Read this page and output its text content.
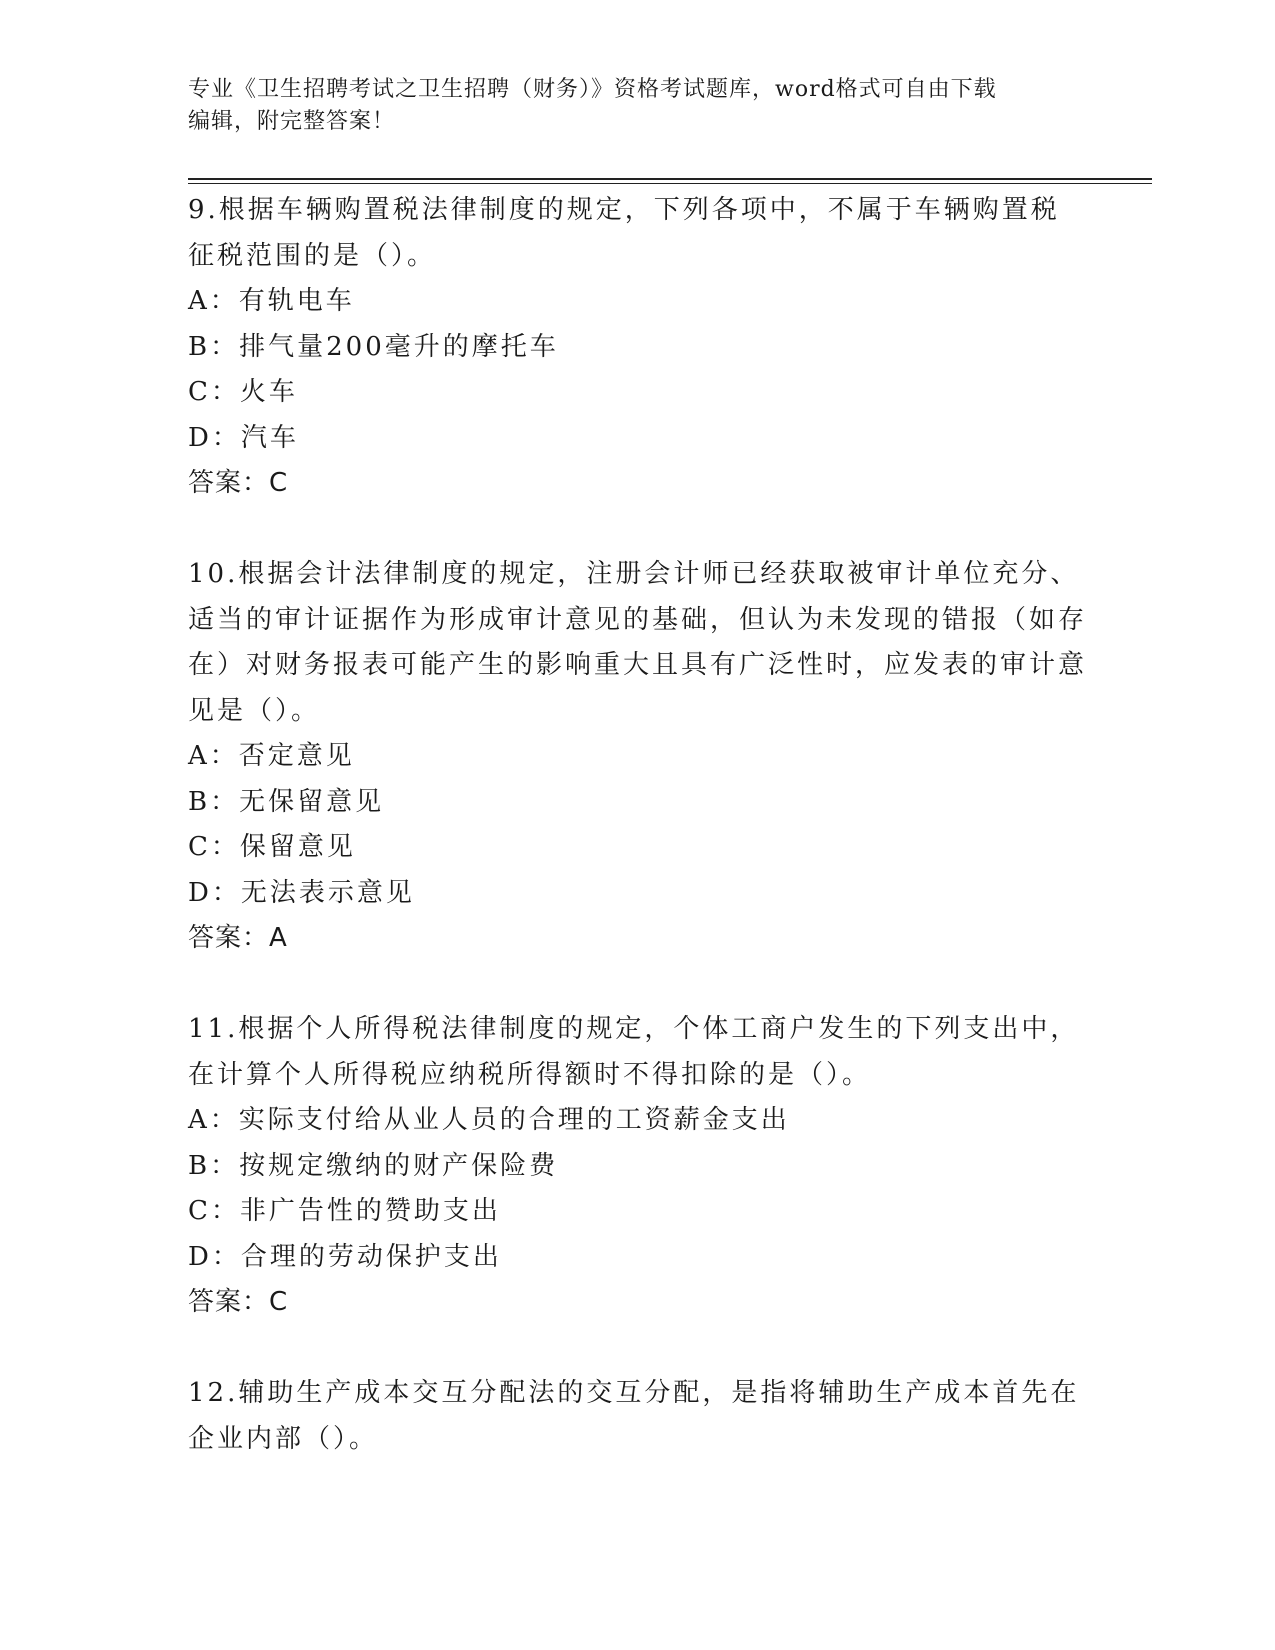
专业《卫生招聘考试之卫生招聘（财务）》资格考试题库，word格式可自由下载
编辑，附完整答案！

9.根据车辆购置税法律制度的规定，下列各项中，不属于车辆购置税征税范围的是（）。

A：有轨电车

B：排气量200毫升的摩托车

C：火车

D：汽车

答案：C

10.根据会计法律制度的规定，注册会计师已经获取被审计单位充分、适当的审计证据作为形成审计意见的基础，但认为未发现的错报（如存在）对财务报表可能产生的影响重大且具有广泛性时，应发表的审计意见是（）。

A：否定意见

B：无保留意见

C：保留意见

D：无法表示意见

答案：A

11.根据个人所得税法律制度的规定，个体工商户发生的下列支出中，在计算个人所得税应纳税所得额时不得扣除的是（）。

A：实际支付给从业人员的合理的工资薪金支出

B：按规定缴纳的财产保险费

C：非广告性的赞助支出

D：合理的劳动保护支出

答案：C

12.辅助生产成本交互分配法的交互分配，是指将辅助生产成本首先在企业内部（）。
